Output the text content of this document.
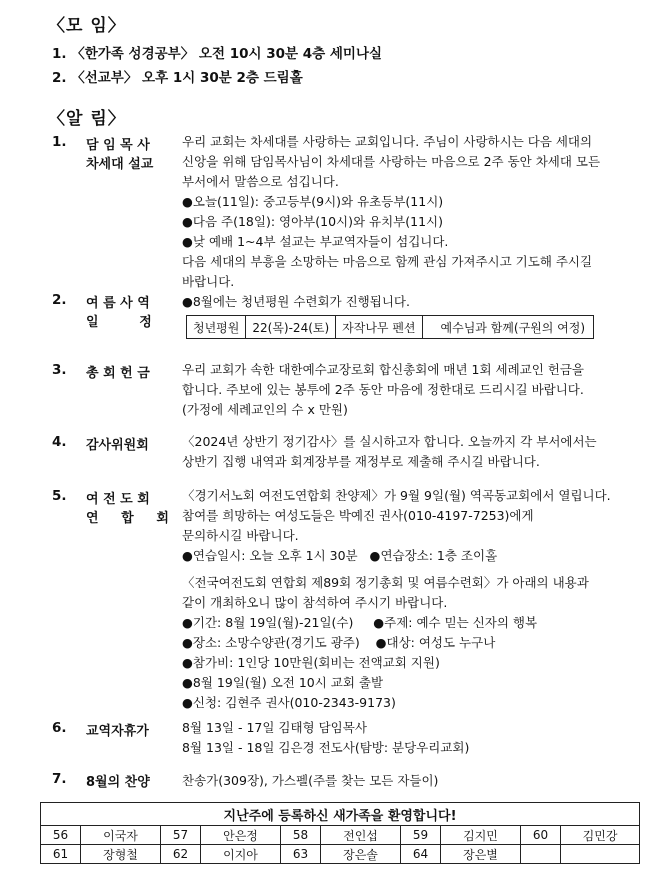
〈모 임〉
1. 〈한가족 성경공부〉 오전 10시 30분 4층 세미나실
2. 〈선교부〉 오후 1시 30분 2층 드림홀
〈알 림〉
1. 담 임 목 사
차세대 설교
우리 교회는 차세대를 사랑하는 교회입니다. 주님이 사랑하시는 다음 세대의
신앙을 위해 담임목사님이 차세대를 사랑하는 마음으로 2주 동안 차세대 모든
부서에서 말씀으로 섬깁니다.
●오늘(11일): 중고등부(9시)와 유초등부(11시)
●다음 주(18일): 영아부(10시)와 유치부(11시)
●낮 예배 1~4부 설교는 부교역자들이 섬깁니다.
다음 세대의 부흥을 소망하는 마음으로 함께 관심 가져주시고 기도해 주시길
바랍니다.
2. 여 름 사 역
일         정
●8월에는 청년평원 수련회가 진행됩니다.
청년평원	22(목)-24(토)	자작나무 펜션	예수님과 함께(구원의 여정)
3. 총 회 헌 금	우리 교회가 속한 대한예수교장로회 합신총회에 매년 1회 세례교인 헌금을
합니다. 주보에 있는 봉투에 2주 동안 마음에 정한대로 드리시길 바랍니다.
(가정에 세례교인의 수 x 만원)
4. 감사위원회	〈2024년 상반기 정기감사〉를 실시하고자 합니다. 오늘까지 각 부서에서는
상반기 집행 내역과 회계장부를 재정부로 제출해 주시길 바랍니다.
5. 여 전 도 회
연     합     회
〈경기서노회 여전도연합회 찬양제〉가 9월 9일(월) 역곡동교회에서 열립니다.
참여를 희망하는 여성도들은 박예진 권사(010-4197-7253)에게
문의하시길 바랍니다.
●연습일시: 오늘 오후 1시 30분   ●연습장소: 1층 조이홀
〈전국여전도회 연합회 제89회 정기총회 및 여름수련회〉가 아래의 내용과
같이 개최하오니 많이 참석하여 주시기 바랍니다.
●기간: 8월 19일(월)-21일(수)     ●주제: 예수 믿는 신자의 행복
●장소: 소망수양관(경기도 광주)    ●대상: 여성도 누구나
●참가비: 1인당 10만원(회비는 전액교회 지원)
●8월 19일(월) 오전 10시 교회 출발
●신청: 김현주 권사(010-2343-9173)
6. 교역자휴가	8월 13일 - 17일 김태형 담임목사
8월 13일 - 18일 김은경 전도사(탐방: 분당우리교회)
7. 8월의 찬양	찬송가(309장), 가스펠(주를 찾는 모든 자들이)
지난주에 등록하신 새가족을 환영합니다!									
56	이국자	57	안은정	58	전인섭	59	김지민	60	김민강
61	장형철	62	이지아	63	장은솔	64	장은별		
